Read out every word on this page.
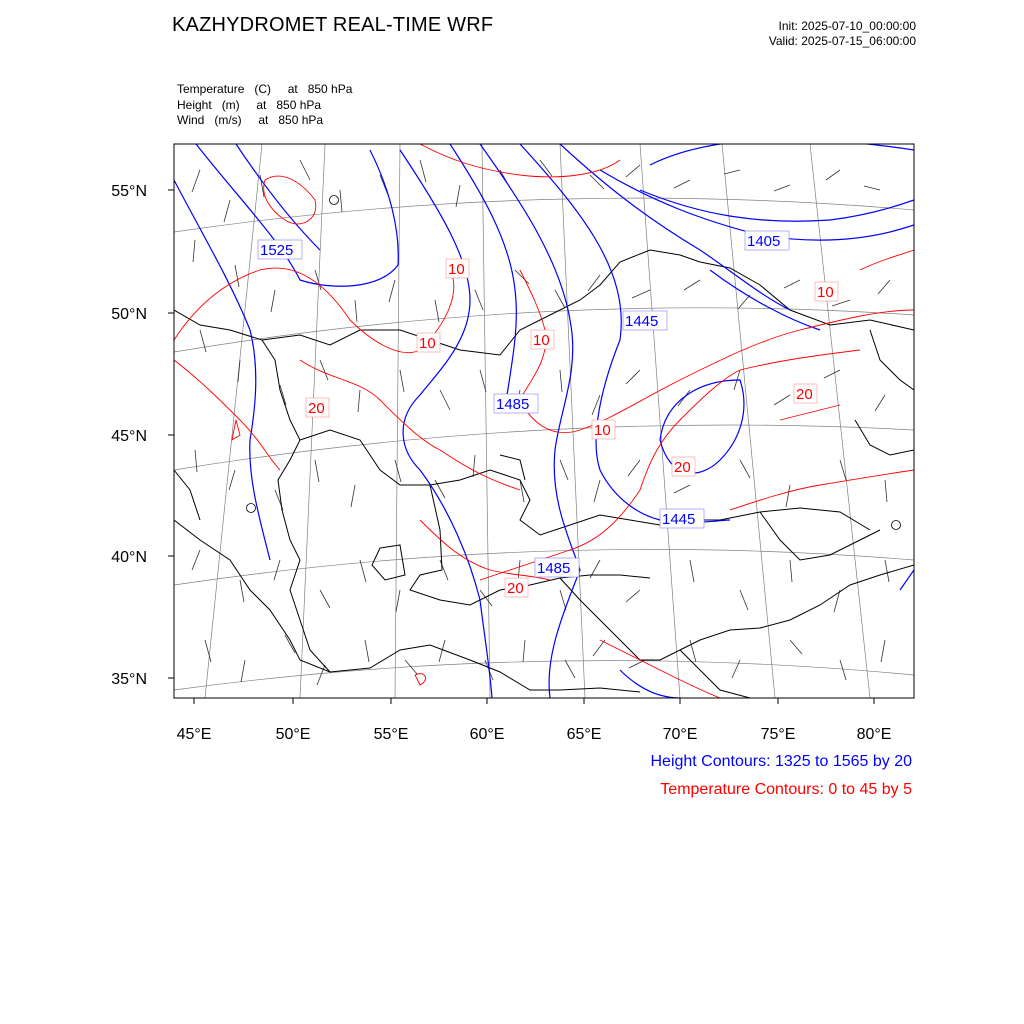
KAZHYDROMET REAL-TIME WRF	Init: 2025-07-10_00:00:00
Valid: 2025-07-15_06:00:00
Temperature   (C)     at   850 hPa
Height   (m)     at   850 hPa
Wind   (m/s)     at   850 hPa
1525
1405
1445
1485
1445
1485
10
10
10
20
10
20
10
20
20
55°N
50°N
45°N
40°N
35°N
45°E	50°E	55°E	60°E	65°E	70°E	75°E	80°E
Height Contours: 1325 to 1565 by 20
Temperature Contours: 0 to 45 by 5
